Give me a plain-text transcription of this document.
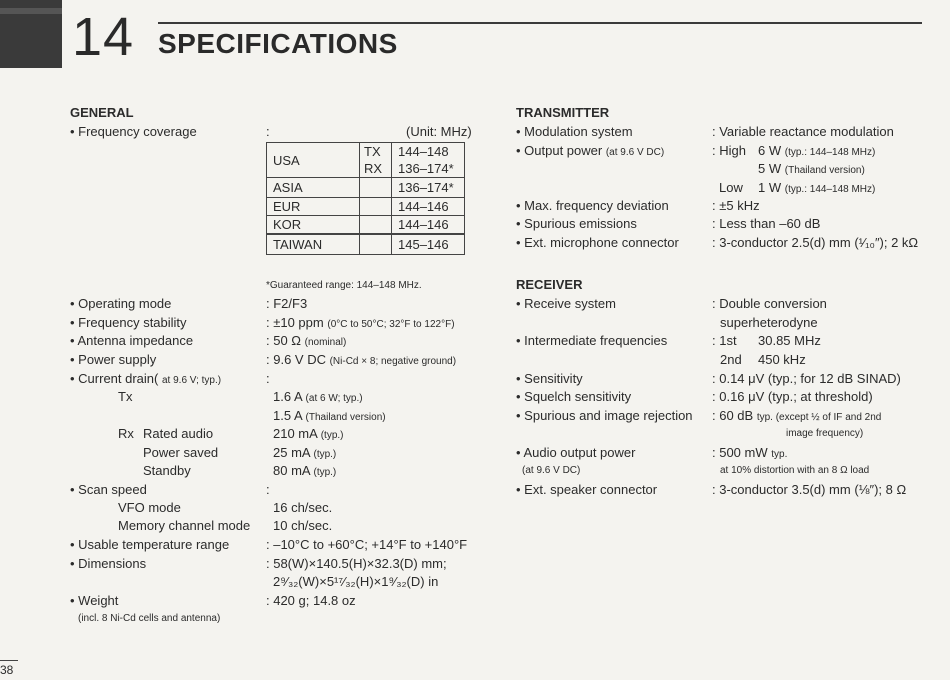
14 SPECIFICATIONS
GENERAL
• Frequency coverage	:	(Unit: MHz)
USA	TX	144–148
	RX	136–174*
ASIA		136–174*
EUR		144–146
KOR		144–146
TAIWAN		145–146
*Guaranteed range: 144–148 MHz.
• Operating mode	: F2/F3
• Frequency stability	: ±10 ppm (0°C to 50°C; 32°F to 122°F)
• Antenna impedance	: 50 Ω (nominal)
• Power supply	: 9.6 V DC (Ni-Cd × 8; negative ground)
• Current drain( at 9.6 V; typ.)	:
Tx	1.6 A (at 6 W; typ.)
1.5 A (Thailand version)
Rx Rated audio	210 mA (typ.)
Power saved	25 mA (typ.)
Standby	80 mA (typ.)
• Scan speed	:
VFO mode	16 ch/sec.
Memory channel mode 10 ch/sec.
• Usable temperature range	: –10°C to +60°C; +14°F to +140°F
• Dimensions	: 58(W)×140.5(H)×32.3(D) mm;
2⁹⁄₃₂(W)×5¹⁷⁄₃₂(H)×1⁹⁄₃₂(D) in
• Weight	: 420 g; 14.8 oz
(incl. 8 Ni-Cd cells and antenna)
TRANSMITTER
• Modulation system	: Variable reactance modulation
• Output power (at 9.6 V DC)	: High 6 W (typ.: 144–148 MHz)
5 W (Thailand version)
Low 1 W (typ.: 144–148 MHz)
• Max. frequency deviation	: ±5 kHz
• Spurious emissions	: Less than –60 dB
• Ext. microphone connector	: 3-conductor 2.5(d) mm (¹⁄₁₀″); 2 kΩ
RECEIVER
• Receive system	: Double conversion
superheterodyne
• Intermediate frequencies	: 1st 30.85 MHz
2nd 450 kHz
• Sensitivity	: 0.14 μV (typ.; for 12 dB SINAD)
• Squelch sensitivity	: 0.16 μV (typ.; at threshold)
• Spurious and image rejection : 60 dB typ. (except ½ of IF and 2nd
image frequency)
• Audio output power
(at 9.6 V DC)
: 500 mW typ.
at 10% distortion with an 8 Ω load
• Ext. speaker connector	: 3-conductor 3.5(d) mm (⅛″); 8 Ω
38
